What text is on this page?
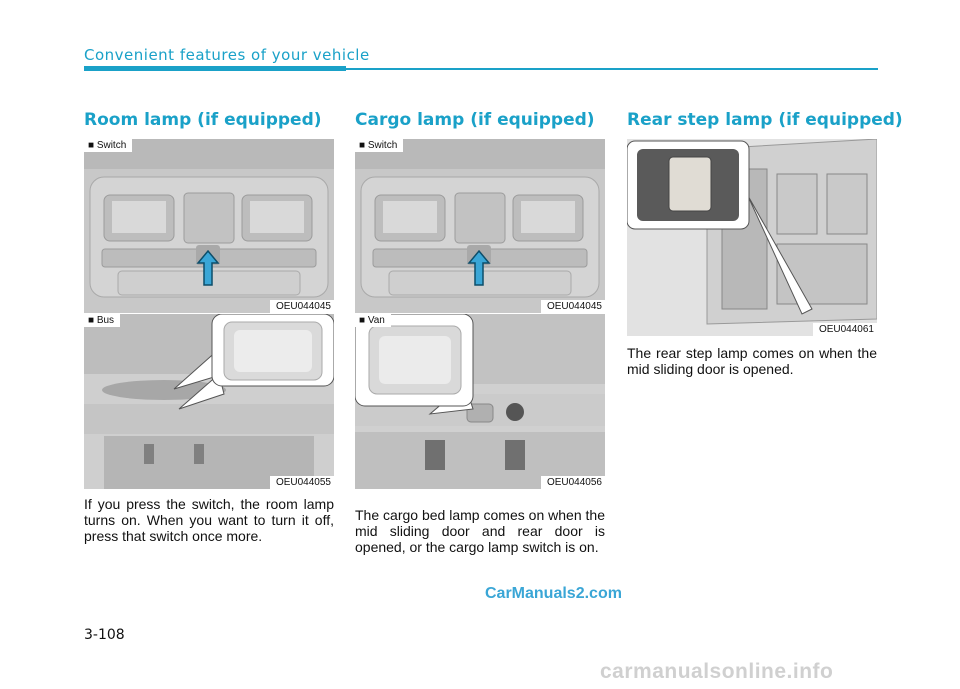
Convenient features of your vehicle
Room lamp (if equipped)
■ Switch
OEU044045
■ Bus
OEU044055
If you press the switch, the room lamp turns on. When you want to turn it off, press that switch once more.
Cargo lamp (if equipped)
■ Switch
OEU044045
■ Van
OEU044056
The cargo bed lamp comes on when the mid sliding door and rear door is opened, or the cargo lamp switch is on.
Rear step lamp (if equipped)
OEU044061
The rear step lamp comes on when the mid sliding door is opened.
CarManuals2.com
3-108
carmanualsonline.info
